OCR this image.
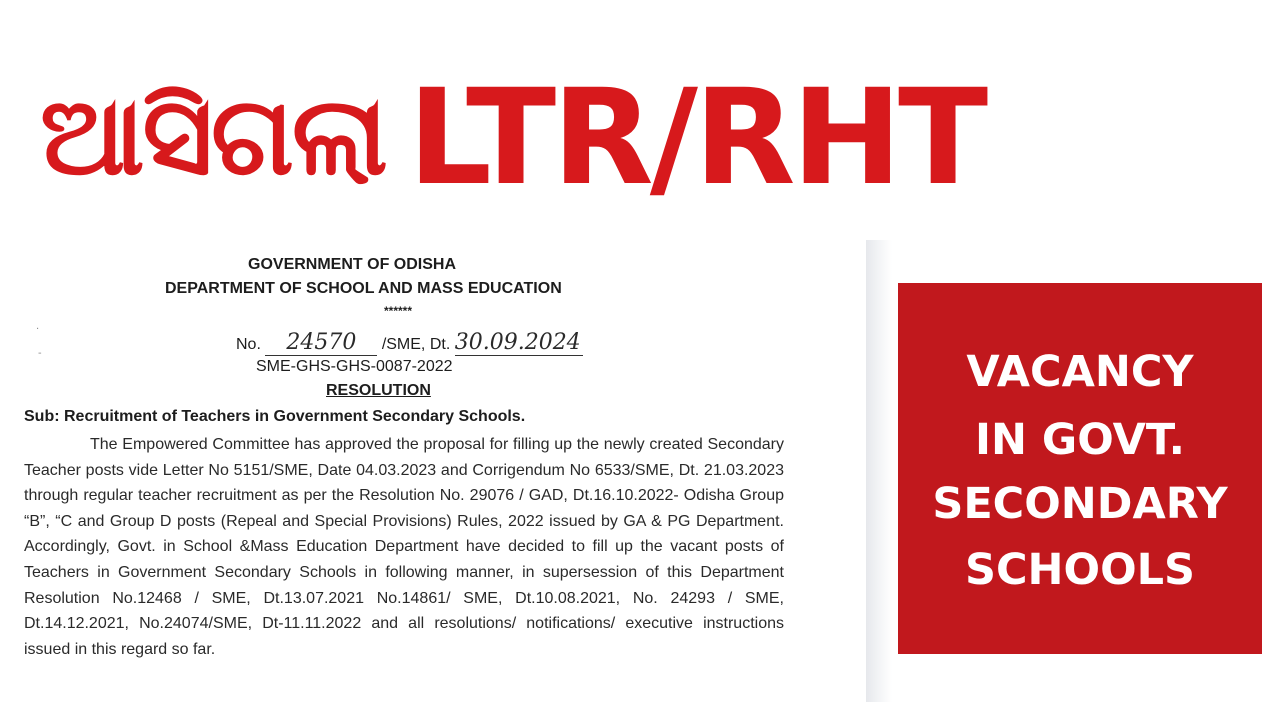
ଆସିଗଲା LTR/RHT
GOVERNMENT OF ODISHA
DEPARTMENT OF SCHOOL AND MASS EDUCATION
******
·
-
No. 24570 /SME, Dt. 30.09.2024
SME-GHS-GHS-0087-2022
RESOLUTION
Sub: Recruitment of Teachers in Government Secondary Schools.
The Empowered Committee has approved the proposal for filling up the newly created Secondary Teacher posts vide Letter No 5151/SME, Date 04.03.2023 and Corrigendum No 6533/SME, Dt. 21.03.2023 through regular teacher recruitment as per the Resolution No. 29076 / GAD, Dt.16.10.2022- Odisha Group “B”, “C and Group D posts (Repeal and Special Provisions) Rules, 2022 issued by GA & PG Department. Accordingly, Govt. in School &Mass Education Department have decided to fill up the vacant posts of Teachers in Government Secondary Schools in following manner, in supersession of this Department Resolution No.12468 / SME, Dt.13.07.2021 No.14861/ SME, Dt.10.08.2021, No. 24293 / SME, Dt.14.12.2021, No.24074/SME, Dt-11.11.2022 and all resolutions/ notifications/ executive instructions issued in this regard so far.
VACANCY
IN GOVT.
SECONDARY
SCHOOLS
